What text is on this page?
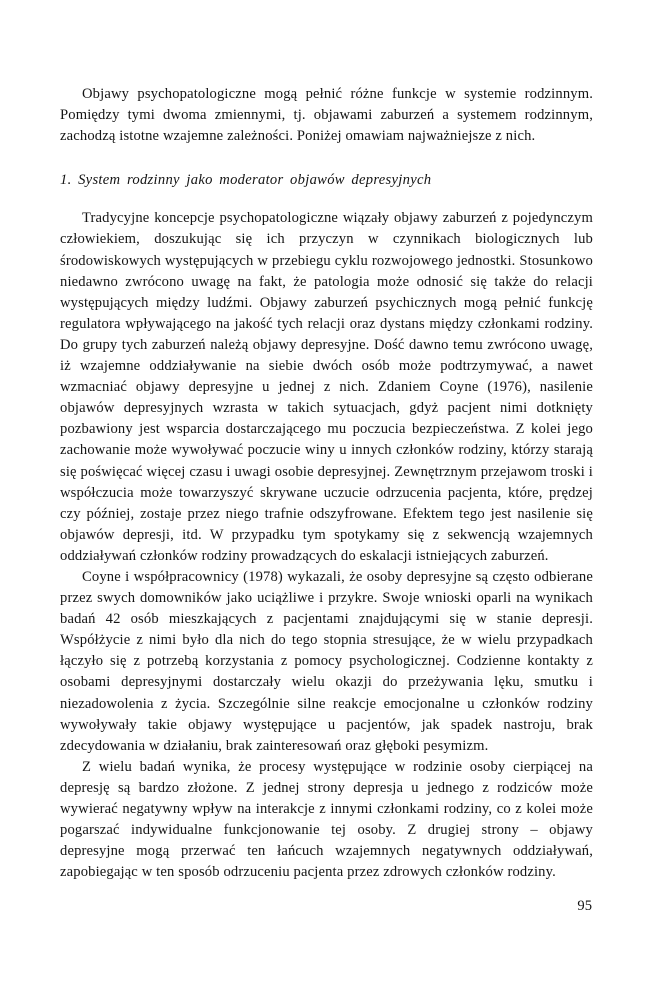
Objawy psychopatologiczne mogą pełnić różne funkcje w systemie rodzinnym. Pomiędzy tymi dwoma zmiennymi, tj. objawami zaburzeń a systemem rodzinnym, zachodzą istotne wzajemne zależności. Poniżej omawiam najważniejsze z nich.

1. System rodzinny jako moderator objawów depresyjnych

Tradycyjne koncepcje psychopatologiczne wiązały objawy zaburzeń z pojedynczym człowiekiem, doszukując się ich przyczyn w czynnikach biologicznych lub środowiskowych występujących w przebiegu cyklu rozwojowego jednostki. Stosunkowo niedawno zwrócono uwagę na fakt, że patologia może odnosić się także do relacji występujących między ludźmi. Objawy zaburzeń psychicznych mogą pełnić funkcję regulatora wpływającego na jakość tych relacji oraz dystans między członkami rodziny. Do grupy tych zaburzeń należą objawy depresyjne. Dość dawno temu zwrócono uwagę, iż wzajemne oddziaływanie na siebie dwóch osób może podtrzymywać, a nawet wzmacniać objawy depresyjne u jednej z nich. Zdaniem Coyne (1976), nasilenie objawów depresyjnych wzrasta w takich sytuacjach, gdyż pacjent nimi dotknięty pozbawiony jest wsparcia dostarczającego mu poczucia bezpieczeństwa. Z kolei jego zachowanie może wywoływać poczucie winy u innych członków rodziny, którzy starają się poświęcać więcej czasu i uwagi osobie depresyjnej. Zewnętrznym przejawom troski i współczucia może towarzyszyć skrywane uczucie odrzucenia pacjenta, które, prędzej czy później, zostaje przez niego trafnie odszyfrowane. Efektem tego jest nasilenie się objawów depresji, itd. W przypadku tym spotykamy się z sekwencją wzajemnych oddziaływań członków rodziny prowadzących do eskalacji istniejących zaburzeń.

Coyne i współpracownicy (1978) wykazali, że osoby depresyjne są często odbierane przez swych domowników jako uciążliwe i przykre. Swoje wnioski oparli na wynikach badań 42 osób mieszkających z pacjentami znajdującymi się w stanie depresji. Współżycie z nimi było dla nich do tego stopnia stresujące, że w wielu przypadkach łączyło się z potrzebą korzystania z pomocy psychologicznej. Codzienne kontakty z osobami depresyjnymi dostarczały wielu okazji do przeżywania lęku, smutku i niezadowolenia z życia. Szczególnie silne reakcje emocjonalne u członków rodziny wywoływały takie objawy występujące u pacjentów, jak spadek nastroju, brak zdecydowania w działaniu, brak zainteresowań oraz głęboki pesymizm.

Z wielu badań wynika, że procesy występujące w rodzinie osoby cierpiącej na depresję są bardzo złożone. Z jednej strony depresja u jednego z rodziców może wywierać negatywny wpływ na interakcje z innymi członkami rodziny, co z kolei może pogarszać indywidualne funkcjonowanie tej osoby. Z drugiej strony – objawy depresyjne mogą przerwać ten łańcuch wzajemnych negatywnych oddziaływań, zapobiegając w ten sposób odrzuceniu pacjenta przez zdrowych członków rodziny.

95
